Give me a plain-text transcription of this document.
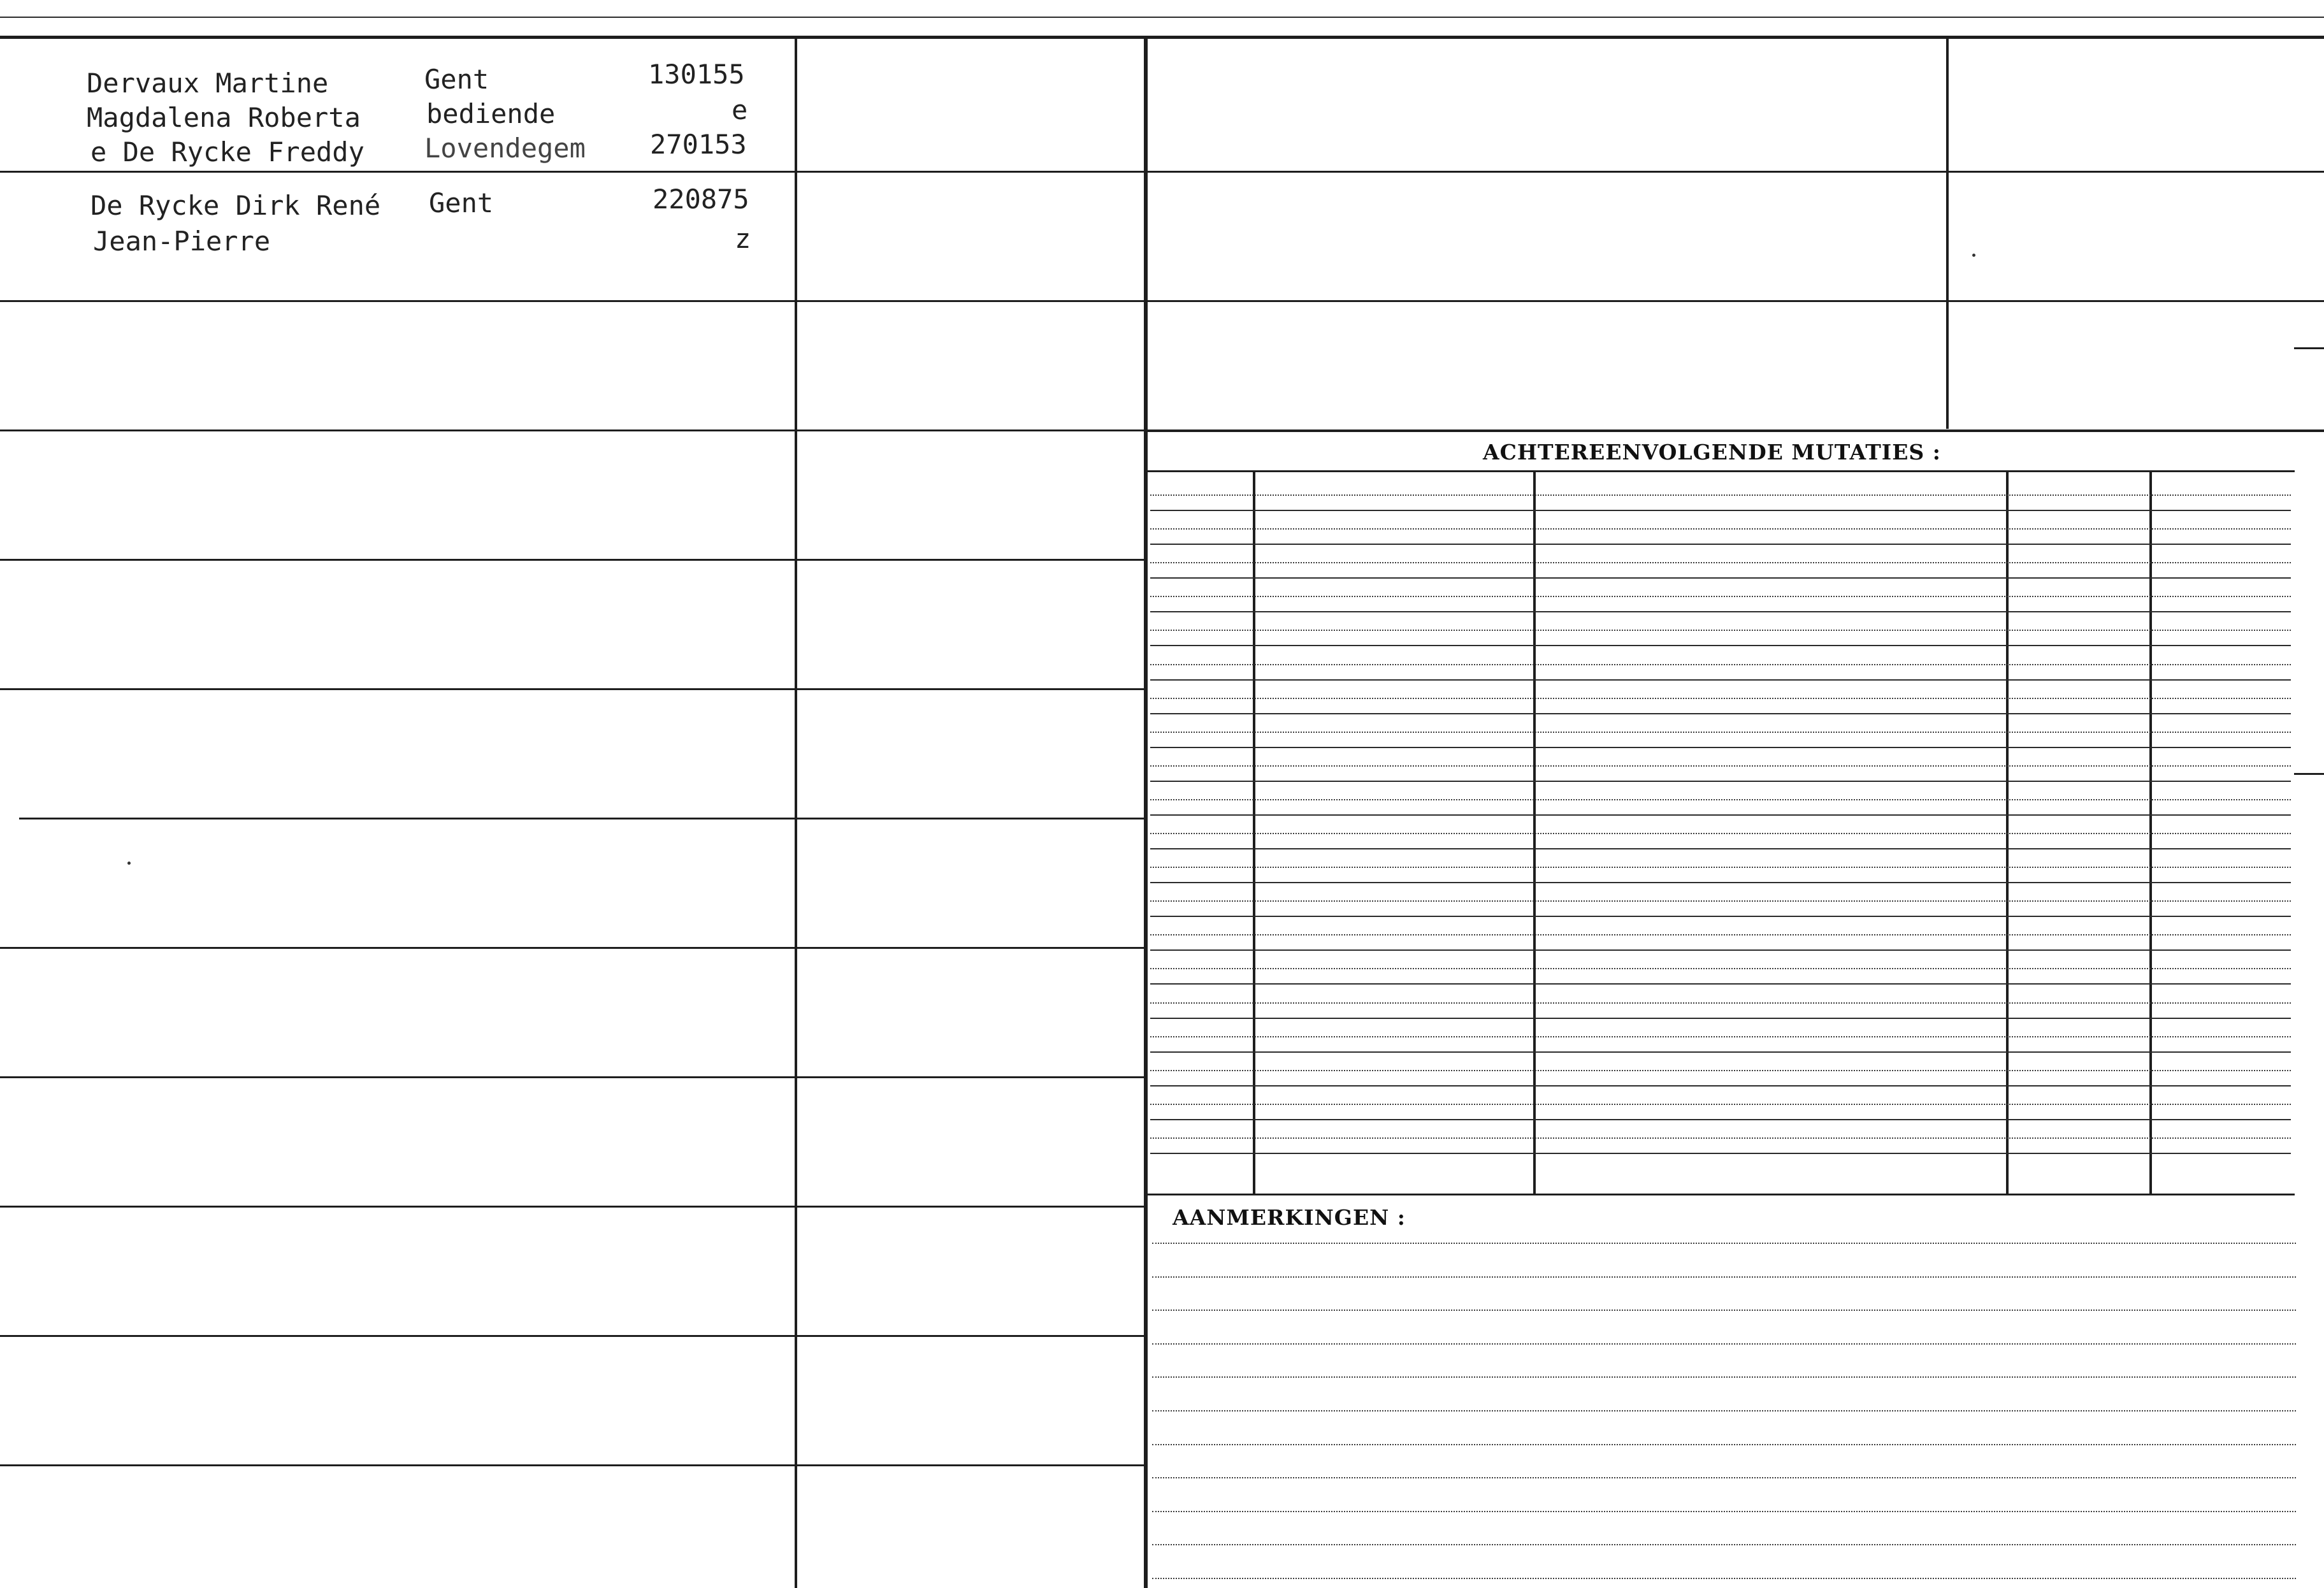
Dervaux Martine
Magdalena Roberta
e De Rycke Freddy
Gent
bediende
Lovendegem
130155
e
270153
De Rycke Dirk René
Jean-Pierre
Gent	220875
z
ACHTEREENVOLGENDE MUTATIES :
AANMERKINGEN :
